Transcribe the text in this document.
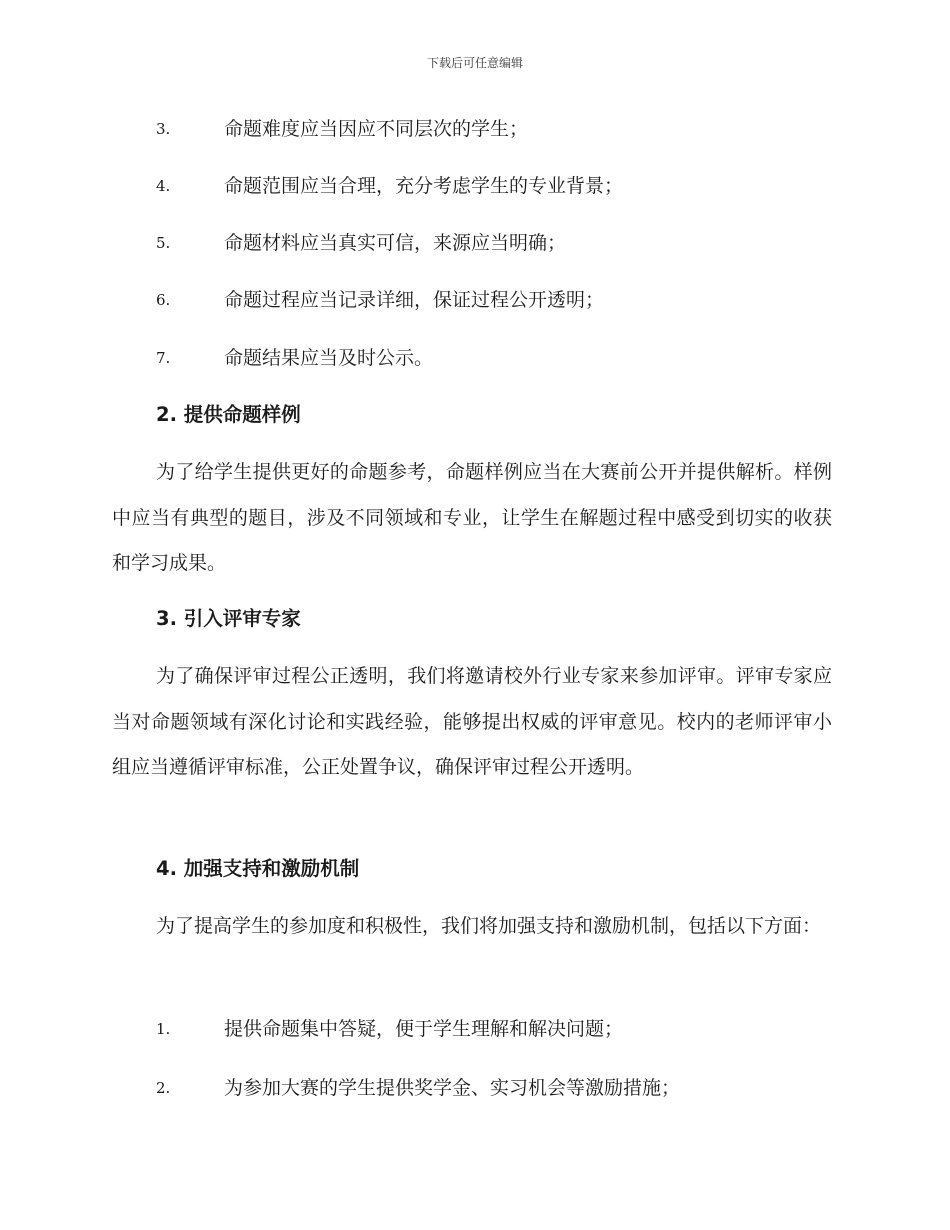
下载后可任意编辑
3.	命题难度应当因应不同层次的学生；
4.	命题范围应当合理，充分考虑学生的专业背景；
5.	命题材料应当真实可信，来源应当明确；
6.	命题过程应当记录详细，保证过程公开透明；
7.	命题结果应当及时公示。
2. 提供命题样例
为了给学生提供更好的命题参考，命题样例应当在大赛前公开并提供解析。样例中应当有典型的题目，涉及不同领域和专业，让学生在解题过程中感受到切实的收获和学习成果。
3. 引入评审专家
为了确保评审过程公正透明，我们将邀请校外行业专家来参加评审。评审专家应当对命题领域有深化讨论和实践经验，能够提出权威的评审意见。校内的老师评审小组应当遵循评审标准，公正处置争议，确保评审过程公开透明。
4. 加强支持和激励机制
为了提高学生的参加度和积极性，我们将加强支持和激励机制，包括以下方面：
1.	提供命题集中答疑，便于学生理解和解决问题；
2.	为参加大赛的学生提供奖学金、实习机会等激励措施；
